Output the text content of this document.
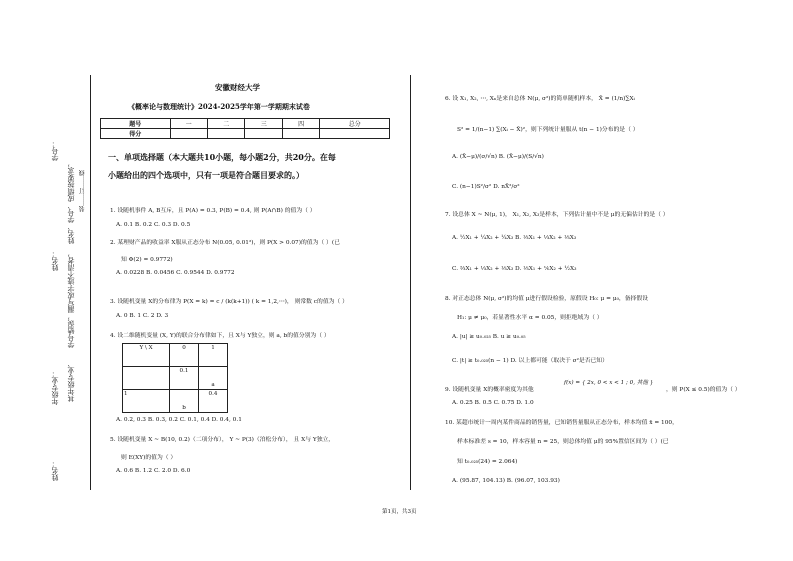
学号：
姓名：
年级专业：
姓名：
姓名、学号、成绩按要求，
学号错误，漏写或字迹不清者，
其年级专业、
装……订……线
安徽财经大学
《概率论与数理统计》2024-2025学年第一学期期末试卷
题号	一	二	三	四	总分
得分					
一、单项选择题（本大题共10小题，每小题2分，共20分。在每
小题给出的四个选项中，只有一项是符合题目要求的。）
1. 设随机事件 A, B互斥，且 P(A) = 0.3, P(B) = 0.4, 则 P(A∩B) 的值为（ ）
A. 0.1 B. 0.2 C. 0.3 D. 0.5
2. 某理财产品的收益率 X服从正态分布 N(0.05, 0.01²)，则 P(X > 0.07)的值为（ ）(已
知 Φ(2) = 0.9772)
A. 0.0228 B. 0.0456 C. 0.9544 D. 0.9772
3. 设随机变量 X的分布律为 P(X = k) = c / (k(k+1)) ( k = 1,2,⋯)， 则常数 c的值为（ ）
A. 0 B. 1 C. 2 D. 3
4. 设二维随机变量 (X, Y)的联合分布律如下，且 X与 Y独立，则 a, b的值分别为（ ）
Y \ X	0	1
	0.1	a
1	b	0.4
A. 0.2, 0.3 B. 0.3, 0.2 C. 0.1, 0.4 D. 0.4, 0.1
5. 设随机变量 X ~ B(10, 0.2)（二项分布）， Y ~ P(3)（泊松分布）， 且 X与 Y独立，
则 E(XY)的值为（ ）
A. 0.6 B. 1.2 C. 2.0 D. 6.0
6. 设 X₁, X₂, ⋯, Xₙ是来自总体 N(μ, σ²)的简单随机样本， X̄ = (1/n)∑Xᵢ
S² = 1/(n−1) ∑(Xᵢ − X̄)²，则下列统计量服从 t(n − 1)分布的是（ ）
A. (X̄−μ)/(σ/√n) B. (X̄−μ)/(S/√n)
C. (n−1)S²/σ² D. nX̄²/σ²
7. 设总体 X ~ N(μ, 1)， X₁, X₂, X₃是样本，下列估计量中不是 μ的无偏估计的是（ ）
A. ½X₁ + ¼X₂ + ¼X₃ B. ⅓X₁ + ⅓X₂ + ⅓X₃
C. ⅔X₁ + ⅓X₂ + ⅓X₃ D. ⅓X₁ + ⅙X₂ + ½X₃
8. 对正态总体 N(μ, σ²)的均值 μ进行假设检验，原假设 H₀: μ = μ₀，备择假设
H₁: μ ≠ μ₀，若显著性水平 α = 0.05，则拒绝域为（ ）
A. |u| ≥ u₀.₀₂₅ B. u ≥ u₀.₀₅
C. |t| ≥ t₀.₀₂₅(n − 1) D. 以上都可能（取决于 σ²是否已知）
9. 设随机变量 X的概率密度为其他
f(x) = { 2x, 0 < x < 1 ; 0, 其他 }
，则 P(X ≤ 0.5)的值为（ ）
A. 0.25 B. 0.5 C. 0.75 D. 1.0
10. 某超市统计一周内某件商品的销售量，已知销售量服从正态分布，样本均值 x̄ = 100，
样本标准差 s = 10，样本容量 n = 25，则总体均值 μ的 95%置信区间为（ ）(已
知 t₀.₀₂₅(24) = 2.064)
A. (95.87, 104.13) B. (96.07, 103.93)
第1页，共3页
